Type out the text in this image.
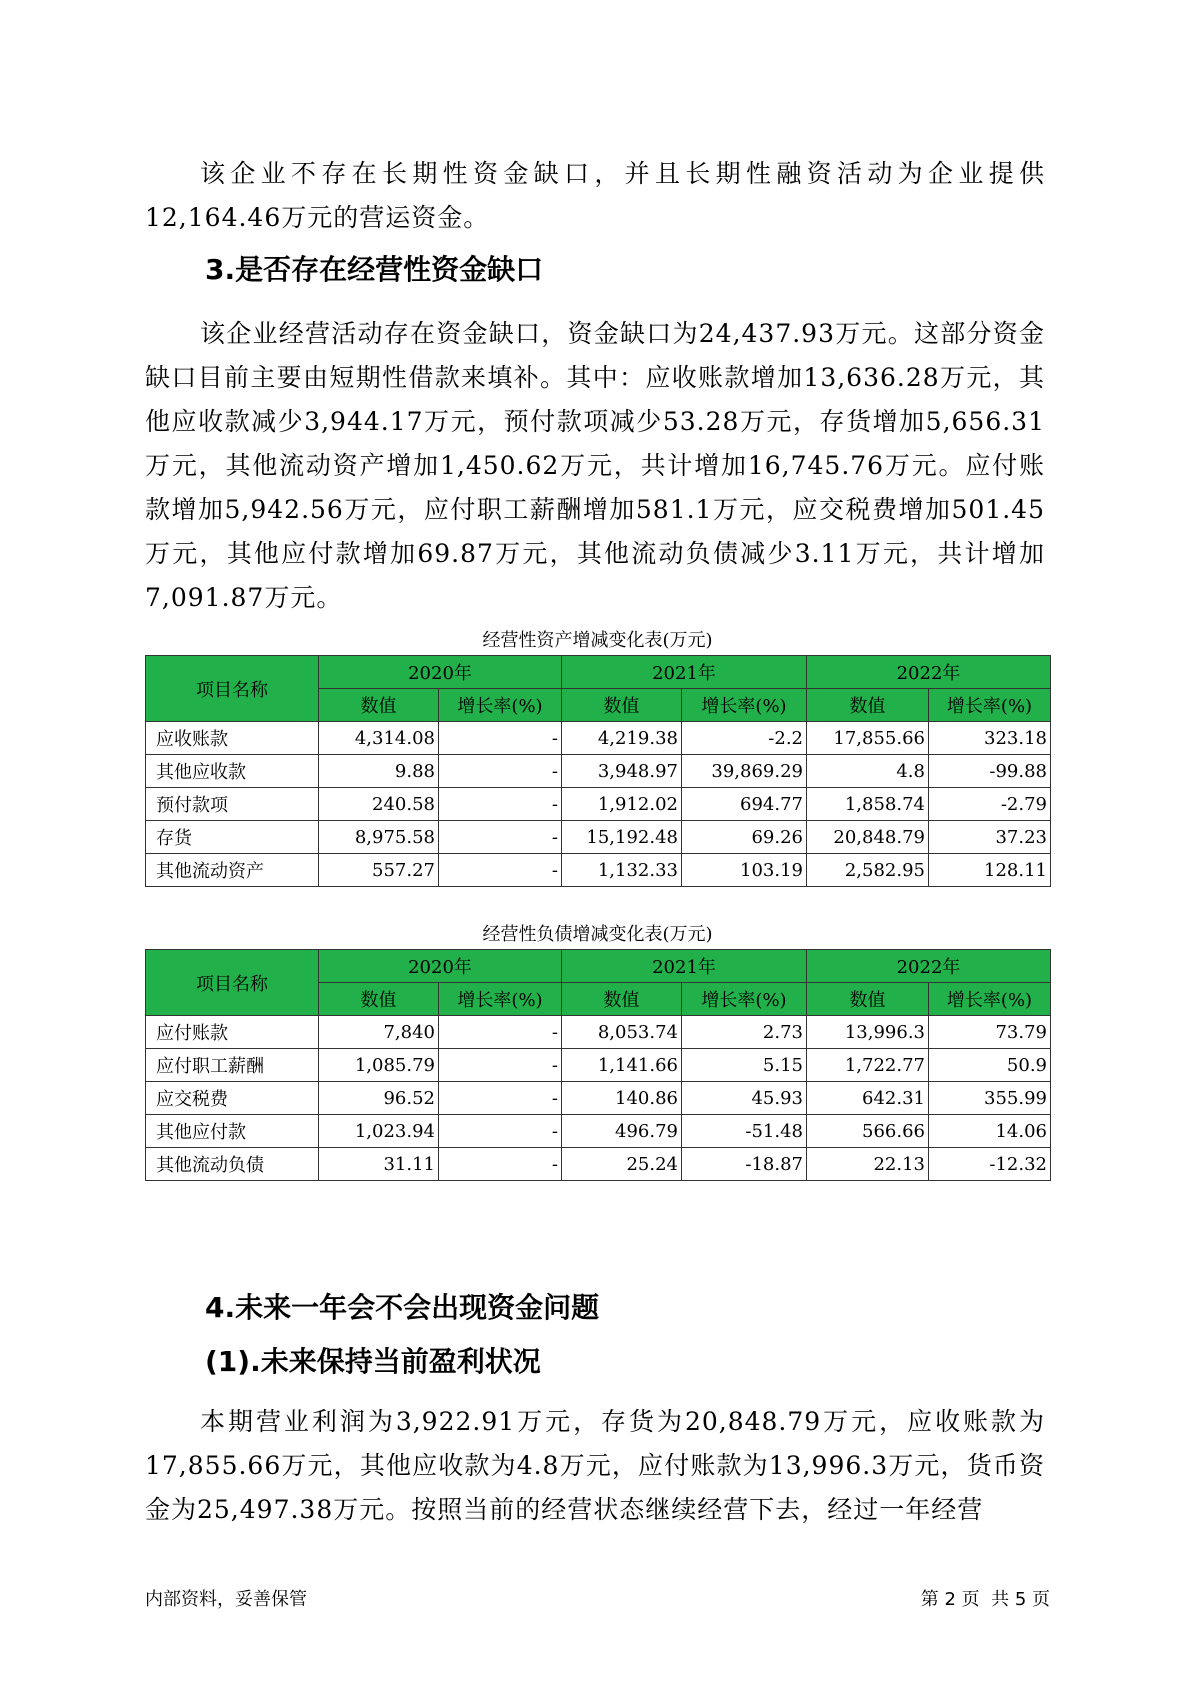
该企业不存在长期性资金缺口，并且长期性融资活动为企业提供12,164.46万元的营运资金。

3.是否存在经营性资金缺口

该企业经营活动存在资金缺口，资金缺口为24,437.93万元。这部分资金缺口目前主要由短期性借款来填补。其中：应收账款增加13,636.28万元，其他应收款减少3,944.17万元，预付款项减少53.28万元，存货增加5,656.31万元，其他流动资产增加1,450.62万元，共计增加16,745.76万元。应付账款增加5,942.56万元，应付职工薪酬增加581.1万元，应交税费增加501.45万元，其他应付款增加69.87万元，其他流动负债减少3.11万元，共计增加7,091.87万元。

经营性资产增减变化表(万元)

项目名称	2020年		2021年		2022年	
	数值	增长率(%)	数值	增长率(%)	数值	增长率(%)
应收账款	4,314.08	-	4,219.38	-2.2	17,855.66	323.18
其他应收款	9.88	-	3,948.97	39,869.29	4.8	-99.88
预付款项	240.58	-	1,912.02	694.77	1,858.74	-2.79
存货	8,975.58	-	15,192.48	69.26	20,848.79	37.23
其他流动资产	557.27	-	1,132.33	103.19	2,582.95	128.11

经营性负债增减变化表(万元)

项目名称	2020年		2021年		2022年	
	数值	增长率(%)	数值	增长率(%)	数值	增长率(%)
应付账款	7,840	-	8,053.74	2.73	13,996.3	73.79
应付职工薪酬	1,085.79	-	1,141.66	5.15	1,722.77	50.9
应交税费	96.52	-	140.86	45.93	642.31	355.99
其他应付款	1,023.94	-	496.79	-51.48	566.66	14.06
其他流动负债	31.11	-	25.24	-18.87	22.13	-12.32
4.未来一年会不会出现资金问题
(1).未来保持当前盈利状况

本期营业利润为3,922.91万元，存货为20,848.79万元，应收账款为17,855.66万元，其他应收款为4.8万元，应付账款为13,996.3万元，货币资金为25,497.38万元。按照当前的经营状态继续经营下去，经过一年经营

内部资料，妥善保管	第 2 页  共 5 页
